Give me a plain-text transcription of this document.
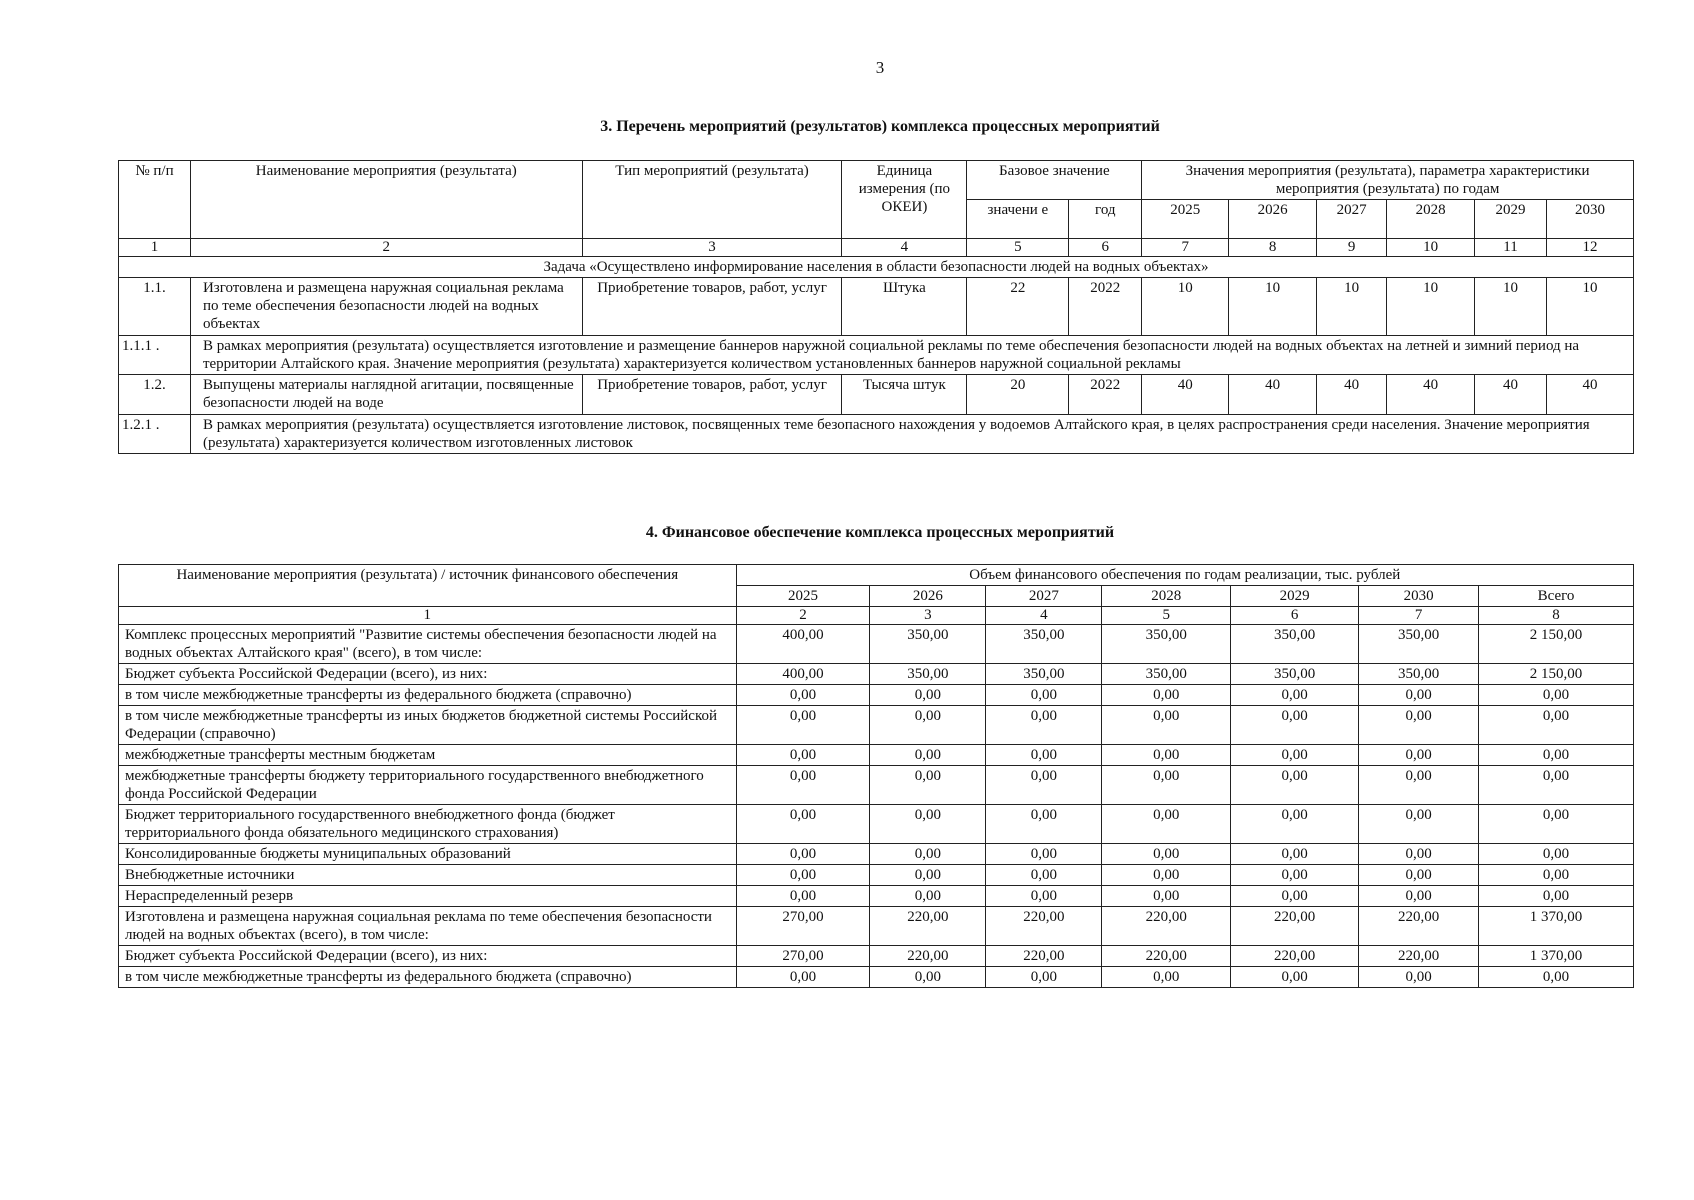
3
3. Перечень мероприятий (результатов) комплекса процессных мероприятий
№ п/п	Наименование мероприятия (результата)	Тип мероприятий (результата)	Единица измерения (по ОКЕИ)	Базовое значение		Значения мероприятия (результата), параметра характеристики мероприятия (результата) по годам					
				значени е	год	2025	2026	2027	2028	2029	2030
1	2	3	4	5	6	7	8	9	10	11	12
Задача «Осуществлено информирование населения в области безопасности людей на водных объектах»											
1.1.	Изготовлена и размещена наружная социальная реклама по теме обеспечения безопасности людей на водных объектах	Приобретение товаров, работ, услуг	Штука	22	2022	10	10	10	10	10	10
1.1.1 .	В рамках мероприятия (результата) осуществляется изготовление и размещение баннеров наружной социальной рекламы по теме обеспечения безопасности людей на водных объектах на летней и зимний период на территории Алтайского края. Значение мероприятия (результата) характеризуется количеством установленных баннеров наружной социальной рекламы										
1.2.	Выпущены материалы наглядной агитации, посвященные безопасности людей на воде	Приобретение товаров, работ, услуг	Тысяча штук	20	2022	40	40	40	40	40	40
1.2.1 .	В рамках мероприятия (результата) осуществляется изготовление листовок, посвященных теме безопасного нахождения у водоемов Алтайского края, в целях распространения среди населения. Значение мероприятия (результата) характеризуется количеством изготовленных листовок										
4. Финансовое обеспечение комплекса процессных мероприятий
Наименование мероприятия (результата) / источник финансового обеспечения	Объем финансового обеспечения по годам реализации, тыс. рублей						
	2025	2026	2027	2028	2029	2030	Всего
1	2	3	4	5	6	7	8
Комплекс процессных мероприятий "Развитие системы обеспечения безопасности людей на водных объектах Алтайского края" (всего), в том числе:	400,00	350,00	350,00	350,00	350,00	350,00	2 150,00
Бюджет субъекта Российской Федерации (всего), из них:	400,00	350,00	350,00	350,00	350,00	350,00	2 150,00
в том числе межбюджетные трансферты из федерального бюджета (справочно)	0,00	0,00	0,00	0,00	0,00	0,00	0,00
в том числе межбюджетные трансферты из иных бюджетов бюджетной системы Российской Федерации (справочно)	0,00	0,00	0,00	0,00	0,00	0,00	0,00
межбюджетные трансферты местным бюджетам	0,00	0,00	0,00	0,00	0,00	0,00	0,00
межбюджетные трансферты бюджету территориального государственного внебюджетного фонда Российской Федерации	0,00	0,00	0,00	0,00	0,00	0,00	0,00
Бюджет территориального государственного внебюджетного фонда (бюджет территориального фонда обязательного медицинского страхования)	0,00	0,00	0,00	0,00	0,00	0,00	0,00
Консолидированные бюджеты муниципальных образований	0,00	0,00	0,00	0,00	0,00	0,00	0,00
Внебюджетные источники	0,00	0,00	0,00	0,00	0,00	0,00	0,00
Нераспределенный резерв	0,00	0,00	0,00	0,00	0,00	0,00	0,00
Изготовлена и размещена наружная социальная реклама по теме обеспечения безопасности людей на водных объектах (всего), в том числе:	270,00	220,00	220,00	220,00	220,00	220,00	1 370,00
Бюджет субъекта Российской Федерации (всего), из них:	270,00	220,00	220,00	220,00	220,00	220,00	1 370,00
в том числе межбюджетные трансферты из федерального бюджета (справочно)	0,00	0,00	0,00	0,00	0,00	0,00	0,00
